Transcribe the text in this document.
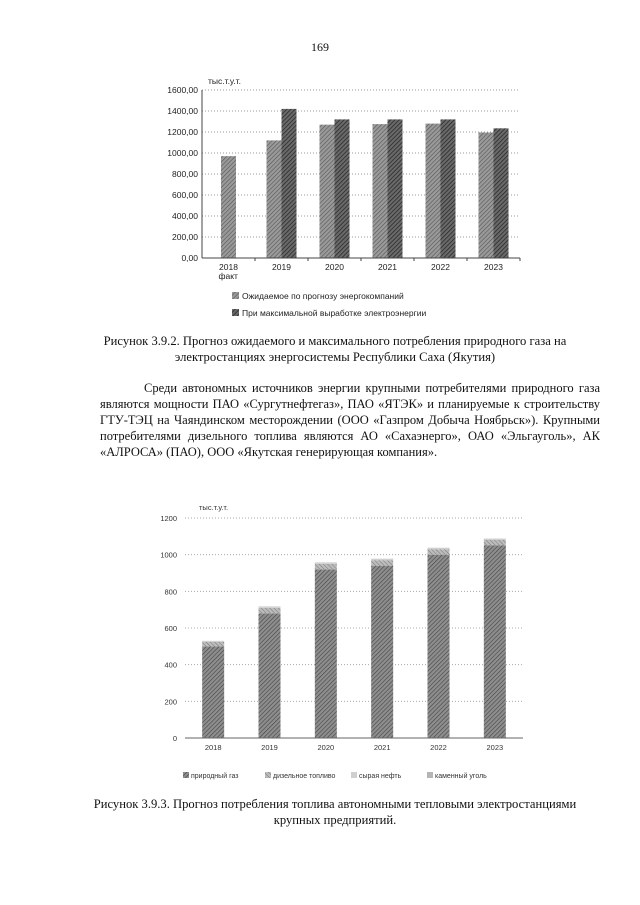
169
0,00
200,00
400,00
600,00
800,00
1000,00
1200,00
1400,00
1600,00
тыс.т.у.т.
2018
факт
2019	2020	2021	2022	2023
Ожидаемое по прогнозу энергокомпаний
При максимальной выработке электроэнергии
Рисунок 3.9.2. Прогноз ожидаемого и максимального потребления природного газа на электростанциях энергосистемы Республики Саха (Якутия)
Среди автономных источников энергии крупными потребителями природного газа являются мощности ПАО «Сургутнефтегаз», ПАО «ЯТЭК» и планируемые к строительству ГТУ-ТЭЦ на Чаяндинском месторождении (ООО «Газпром Добыча Ноябрьск»). Крупными потребителями дизельного топлива являются АО «Сахаэнерго», ОАО «Эльгауголь», АК «АЛРОСА» (ПАО), ООО «Якутская генерирующая компания».
0
200
400
600
800
1000
1200
тыс.т.у.т.
2018	2019	2020	2021	2022	2023
природный газ	дизельное топливо	сырая нефть	каменный уголь
Рисунок 3.9.3. Прогноз потребления топлива автономными тепловыми электростанциями крупных предприятий.
